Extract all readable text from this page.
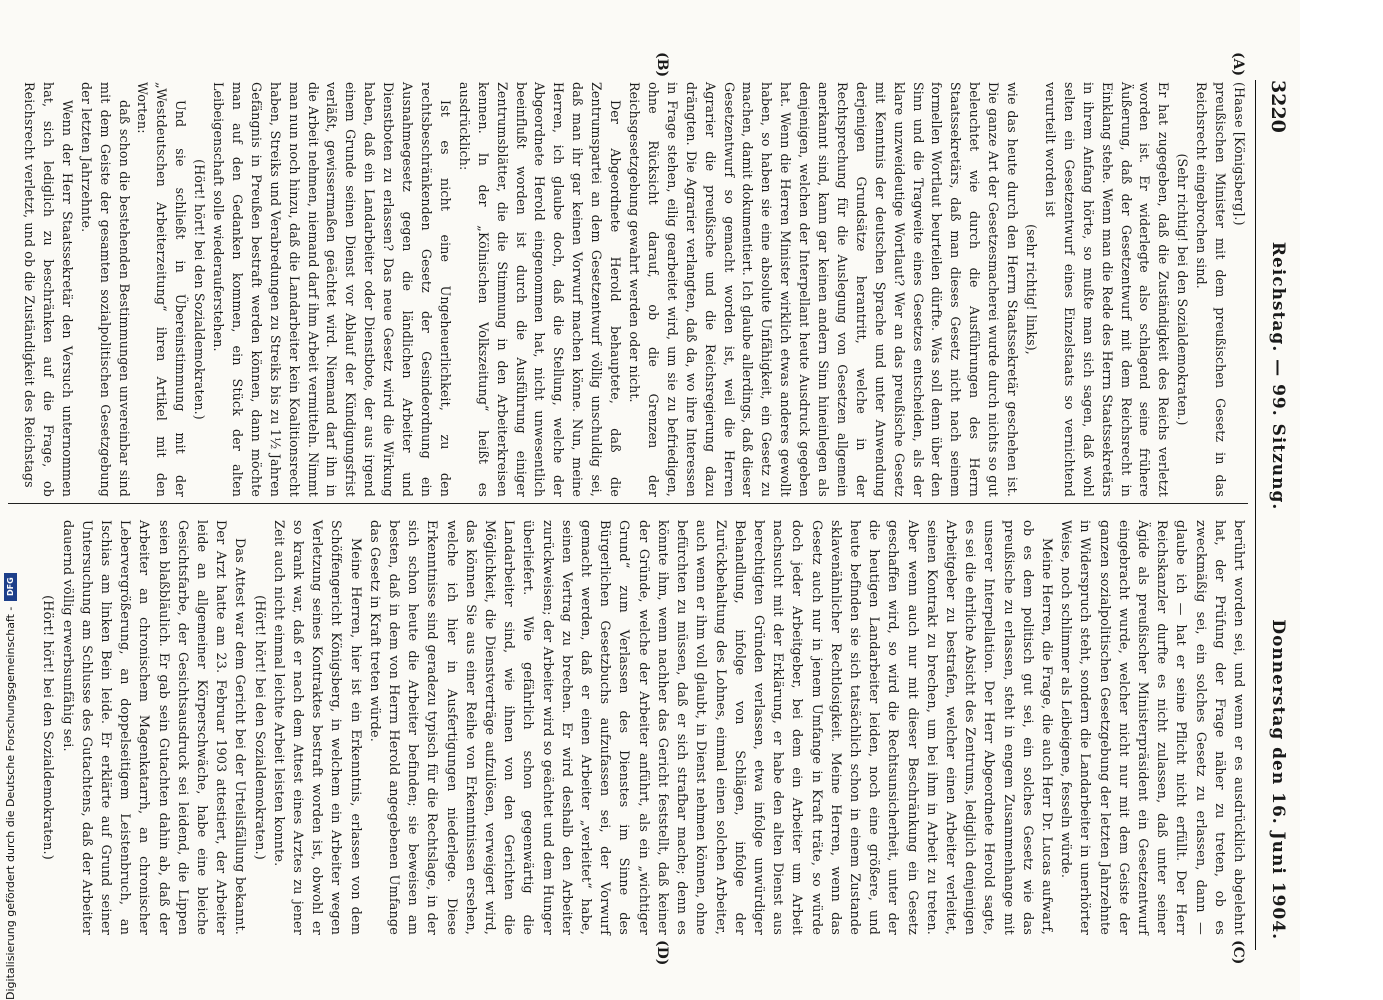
3220
Reichstag. — 99. Sitzung.
Donnerstag den 16. Juni 1904.
(A)
(B)
(C)
(D)

(Haase [Königsberg].)

preußischen Minister mit dem preußischen Gesetz in das Reichsrecht eingebrochen sind.

(Sehr richtig! bei den Sozialdemokraten.)

Er hat zugegeben, daß die Zuständigkeit des Reichs verletzt worden ist. Er widerlegte also schlagend seine frühere Äußerung, daß der Gesetzentwurf mit dem Reichsrecht in Einklang stehe. Wenn man die Rede des Herrn Staatssekretärs in ihrem Anfang hörte, so mußte man sich sagen, daß wohl selten ein Gesetzentwurf eines Einzelstaats so vernichtend verurteilt worden ist

(sehr richtig! links),

wie das heute durch den Herrn Staatssekretär geschehen ist. Die ganze Art der Gesetzesmacherei wurde durch nichts so gut beleuchtet wie durch die Ausführungen des Herrn Staatssekretärs, daß man dieses Gesetz nicht nach seinem formellen Wortlaut beurteilen dürfte. Was soll denn über den Sinn und die Tragweite eines Gesetzes entscheiden, als der klare unzweideutige Wortlaut? Wer an das preußische Gesetz mit Kenntnis der deutschen Sprache und unter Anwendung derjenigen Grundsätze herantritt, welche in der Rechtsprechung für die Auslegung von Gesetzen allgemein anerkannt sind, kann gar keinen andern Sinn hineinlegen als denjenigen, welchen der Interpellant heute Ausdruck gegeben hat. Wenn die Herren Minister wirklich etwas anderes gewollt haben, so haben sie eine absolute Unfähigkeit, ein Gesetz zu machen, damit dokumentiert. Ich glaube allerdings, daß dieser Gesetzentwurf so gemacht worden ist, weil die Herren Agrarier die preußische und die Reichsregierung dazu drängten. Die Agrarier verlangten, daß da, wo ihre Interessen in Frage stehen, eilig gearbeitet wird, um sie zu befriedigen, ohne Rücksicht darauf, ob die Grenzen der Reichsgesetzgebung gewahrt werden oder nicht.

Der Abgeordnete Herold behauptete, daß die Zentrumspartei an dem Gesetzentwurf völlig unschuldig sei, daß man ihr gar keinen Vorwurf machen könne. Nun, meine Herren, ich glaube doch, daß die Stellung, welche der Abgeordnete Herold eingenommen hat, nicht unwesentlich beeinflußt worden ist durch die Ausführung einiger Zentrumsblätter, die die Stimmung in den Arbeiterkreisen kennen. In der „Kölnischen Volkszeitung“ heißt es ausdrücklich:

Ist es nicht eine Ungeheuerlichkeit, zu den rechtsbeschränkenden Gesetz der Gesindeordnung ein Ausnahmegesetz gegen die ländlichen Arbeiter und Dienstboten zu erlassen? Das neue Gesetz wird die Wirkung haben, daß ein Landarbeiter oder Dienstbote, der aus irgend einem Grunde seinen Dienst vor Ablauf der Kündigungsfrist verläßt, gewissermaßen geächtet wird. Niemand darf ihn in die Arbeit nehmen, niemand darf ihm Arbeit vermitteln. Nimmt man nun noch hinzu, daß die Landarbeiter kein Koalitionsrecht haben, Streiks und Verabredungen zu Streiks bis zu 1½ Jahren Gefängnis in Preußen bestraft werden können, dann möchte man auf den Gedanken kommen, ein Stück der alten Leibeigenschaft solle wiederauferstehen.

(Hört! hört! bei den Sozialdemokraten.)

Und sie schließt in Übereinstimmung mit der „Westdeutschen Arbeiterzeitung“ ihren Artikel mit den Worten:

daß schon die bestehenden Bestimmungen unvereinbar sind mit dem Geiste der gesamten sozialpolitischen Gesetzgebung der letzten Jahrzehnte.

Wenn der Herr Staatssekretär den Versuch unternommen hat, sich lediglich zu beschränken auf die Frage, ob Reichsrecht verletzt, und ob die Zuständigkeit des Reichstags

berührt worden sei, und wenn er es ausdrücklich abgelehnt hat, der Prüfung der Frage näher zu treten, ob es zweckmäßig sei, ein solches Gesetz zu erlassen, dann — glaube ich — hat er seine Pflicht nicht erfüllt. Der Herr Reichskanzler durfte es nicht zulassen, daß unter seiner Ägide als preußischer Ministerpräsident ein Gesetzentwurf eingebracht wurde, welcher nicht nur mit dem Geiste der ganzen sozialpolitischen Gesetzgebung der letzten Jahrzehnte in Widerspruch steht, sondern die Landarbeiter in unerhörter Weise, noch schlimmer als Leibeigene, fesseln würde.

Meine Herren, die Frage, die auch Herr Dr. Lucas aufwarf, ob es dem politisch gut sei, ein solches Gesetz wie das preußische zu erlassen, steht in engem Zusammenhange mit unserer Interpellation. Der Herr Abgeordnete Herold sagte, es sei die ehrliche Absicht des Zentrums, lediglich denjenigen Arbeitgeber zu bestrafen, welcher einen Arbeiter verleitet, seinen Kontrakt zu brechen, um bei ihm in Arbeit zu treten. Aber wenn auch nur mit dieser Beschränkung ein Gesetz geschaffen wird, so wird die Rechtsunsicherheit, unter der die heutigen Landarbeiter leiden, noch eine größere, und heute befinden sie sich tatsächlich schon in einem Zustande sklavenähnlicher Rechtlosigkeit. Meine Herren, wenn das Gesetz auch nur in jenem Umfange in Kraft träte, so würde doch jeder Arbeitgeber, bei dem ein Arbeiter um Arbeit nachsucht mit der Erklärung, er habe den alten Dienst aus berechtigten Gründen verlassen, etwa infolge unwürdiger Behandlung, infolge von Schlägen, infolge der Zurückbehaltung des Lohnes, einmal einen solchen Arbeiter, auch wenn er ihm voll glaubt, in Dienst nehmen können, ohne befürchten zu müssen, daß er sich strafbar mache; denn es könnte ihm, wenn nachher das Gericht feststellt, daß keiner der Gründe, welche der Arbeiter anführt, als ein „wichtiger Grund“ zum Verlassen des Dienstes im Sinne des Bürgerlichen Gesetzbuchs aufzufassen sei, der Vorwurf gemacht werden, daß er einen Arbeiter „verleitet“ habe, seinen Vertrag zu brechen. Er wird deshalb den Arbeiter zurückweisen; der Arbeiter wird so geächtet und dem Hunger überliefert. Wie gefährlich schon gegenwärtig die Landarbeiter sind, wie ihnen von den Gerichten die Möglichkeit, die Dienstverträge aufzulösen, verweigert wird, das können Sie aus einer Reihe von Erkenntnissen ersehen, welche ich hier in Ausfertigungen niederlege. Diese Erkenntnisse sind geradezu typisch für die Rechtslage, in der sich schon heute die Arbeiter befinden; sie beweisen am besten, daß in dem von Herrn Herold angegebenen Umfange das Gesetz in Kraft treten würde.

Meine Herren, hier ist ein Erkenntnis, erlassen von dem Schöffengericht Königsberg, in welchem ein Arbeiter wegen Verletzung seines Kontraktes bestraft worden ist, obwohl er so krank war, daß er nach dem Attest eines Arztes zu jener Zeit auch nicht einmal leichte Arbeit leisten konnte.

(Hört! hört! bei den Sozialdemokraten.)

Das Attest war dem Gericht bei der Urteilsfällung bekannt. Der Arzt hatte am 23. Februar 1903 attestiert, der Arbeiter leide an allgemeiner Körperschwäche, habe eine bleiche Gesichtsfarbe, der Gesichtsausdruck sei leidend, die Lippen seien blaßbläulich. Er gab sein Gutachten dahin ab, daß der Arbeiter an chronischem Magenkatarrh, an chronischer Lebervergrößerung, an doppelseitigem Leistenbruch, an Ischias am linken Bein leide. Er erklärte auf Grund seiner Untersuchung am Schlusse des Gutachtens, daß der Arbeiter dauernd völlig erwerbsunfähig sei.

(Hört! hört! bei den Sozialdemokraten.)

Digitalisierung gefördert durch die Deutsche Forschungsgemeinschaft -
DFG
